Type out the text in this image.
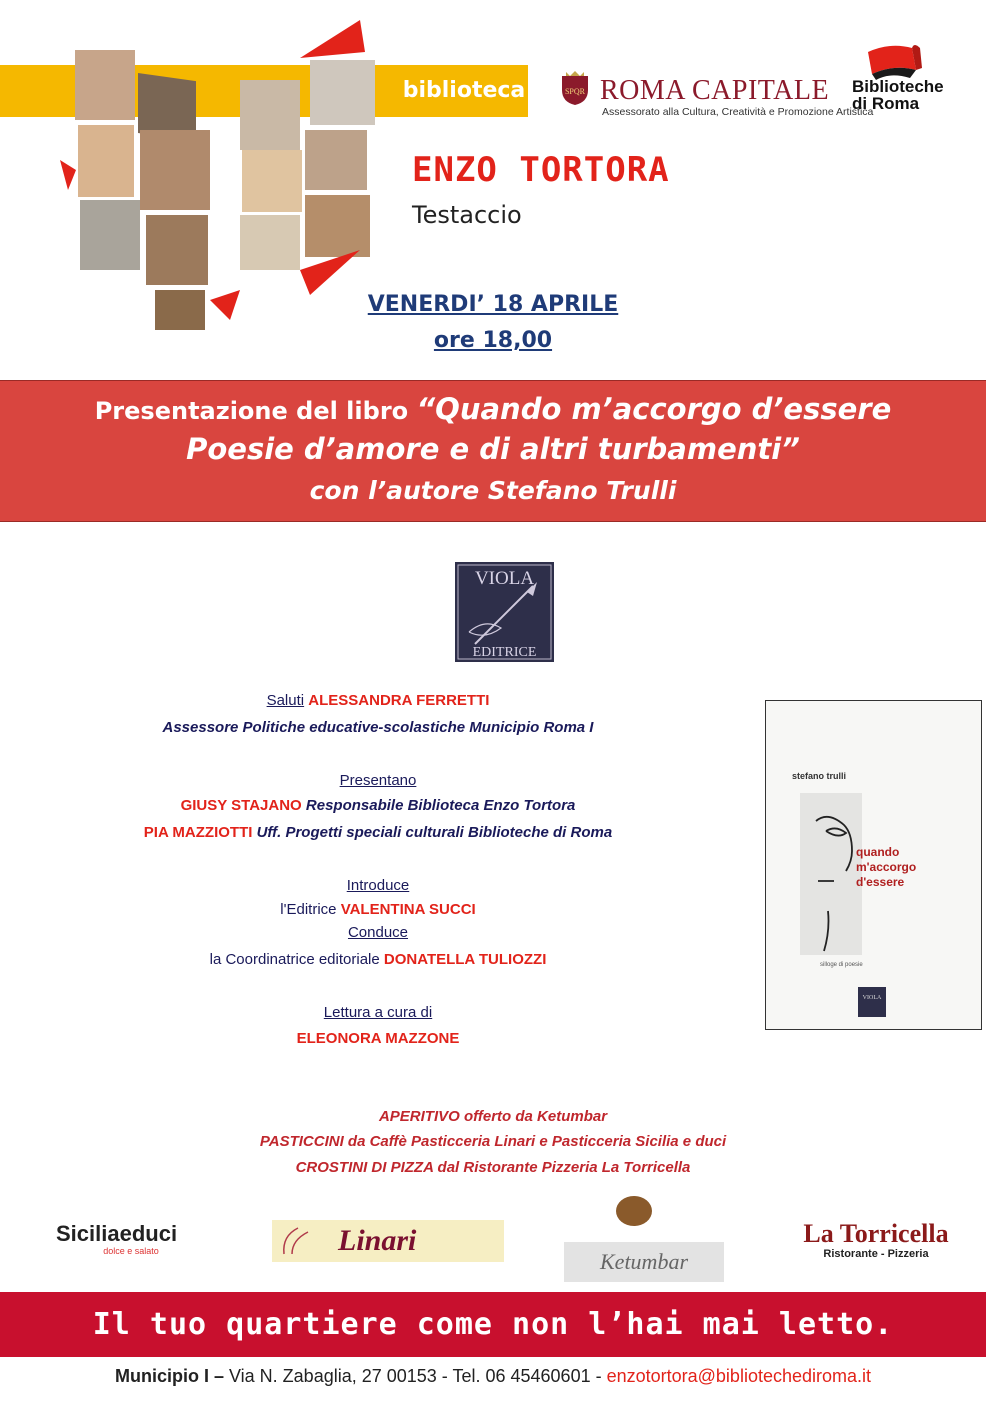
biblioteca	SPQR ROMA CAPITALE
Assessorato alla Cultura, Creatività e Promozione Artistica
Biblioteche
di Roma
ENZO TORTORA
Testaccio
VENERDI’ 18 APRILE
ore 18,00
Presentazione del libro “Quando m’accorgo d’essere
Poesie d’amore e di altri turbamenti”
con l’autore Stefano Trulli
VIOLA
EDITRICE
Saluti ALESSANDRA FERRETTI
Assessore Politiche educative-scolastiche Municipio Roma I
Presentano
GIUSY STAJANO Responsabile Biblioteca Enzo Tortora
PIA MAZZIOTTI Uff. Progetti speciali culturali Biblioteche di Roma
Introduce
l'Editrice VALENTINA SUCCI
Conduce
la Coordinatrice editoriale DONATELLA TULIOZZI
Lettura a cura di
ELEONORA MAZZONE
stefano trulli
quando
m'accorgo
d'essere
silloge di poesie
VIOLA
APERITIVO offerto da Ketumbar
PASTICCINI da Caffè Pasticceria Linari e Pasticceria Sicilia e duci
CROSTINI DI PIZZA dal Ristorante Pizzeria La Torricella
Siciliaeduci
dolce e salato	Linari
Ketumbar
La Torricella
Ristorante - Pizzeria
Il tuo quartiere come non l’hai mai letto.
Municipio I – Via N. Zabaglia, 27 00153 - Tel. 06 45460601 - enzotortora@bibliotechediroma.it
